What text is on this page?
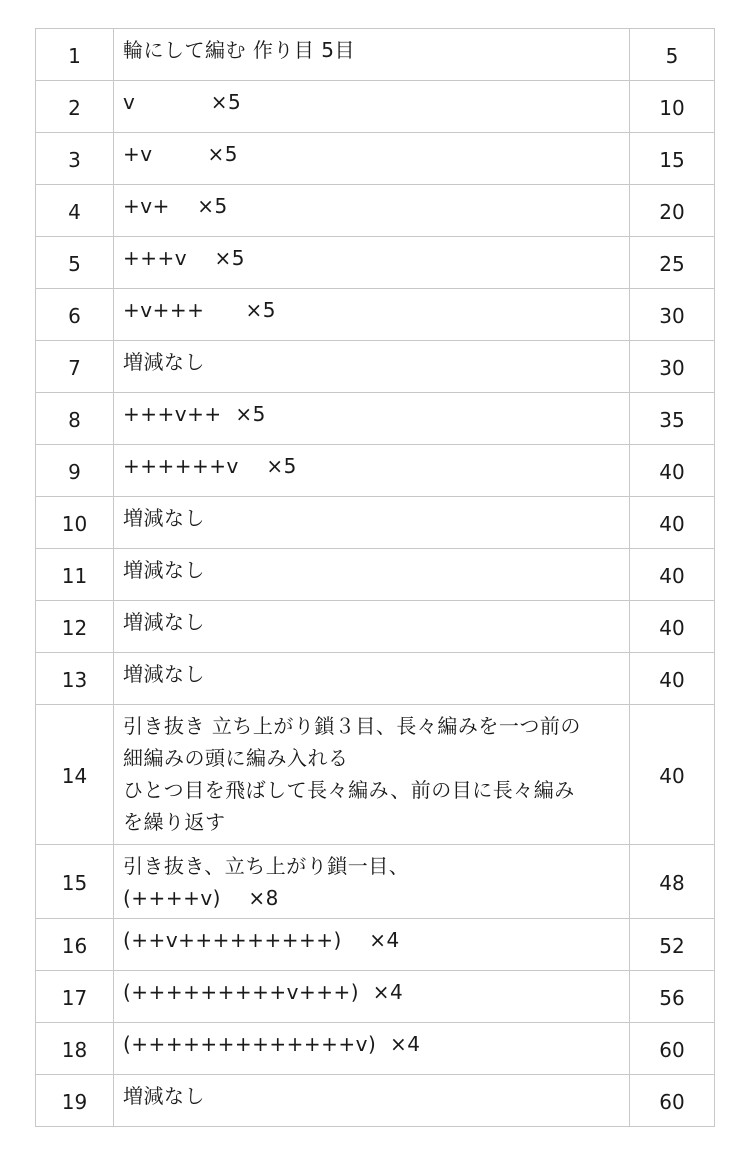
1	輪にして編む 作り目 5目	5
2	v           ×5	10
3	+v        ×5	15
4	+v+    ×5	20
5	+++v    ×5	25
6	+v+++      ×5	30
7	増減なし	30
8	+++v++  ×5	35
9	++++++v    ×5	40
10	増減なし	40
11	増減なし	40
12	増減なし	40
13	増減なし	40
14	引き抜き 立ち上がり鎖３目、長々編みを一つ前の
細編みの頭に編み入れる
ひとつ目を飛ばして長々編み、前の目に長々編み
を繰り返す	40
15	引き抜き、立ち上がり鎖一目、
(++++v)    ×8	48
16	(++v+++++++++)    ×4	52
17	(+++++++++v+++)  ×4	56
18	(+++++++++++++v)  ×4	60
19	増減なし	60
